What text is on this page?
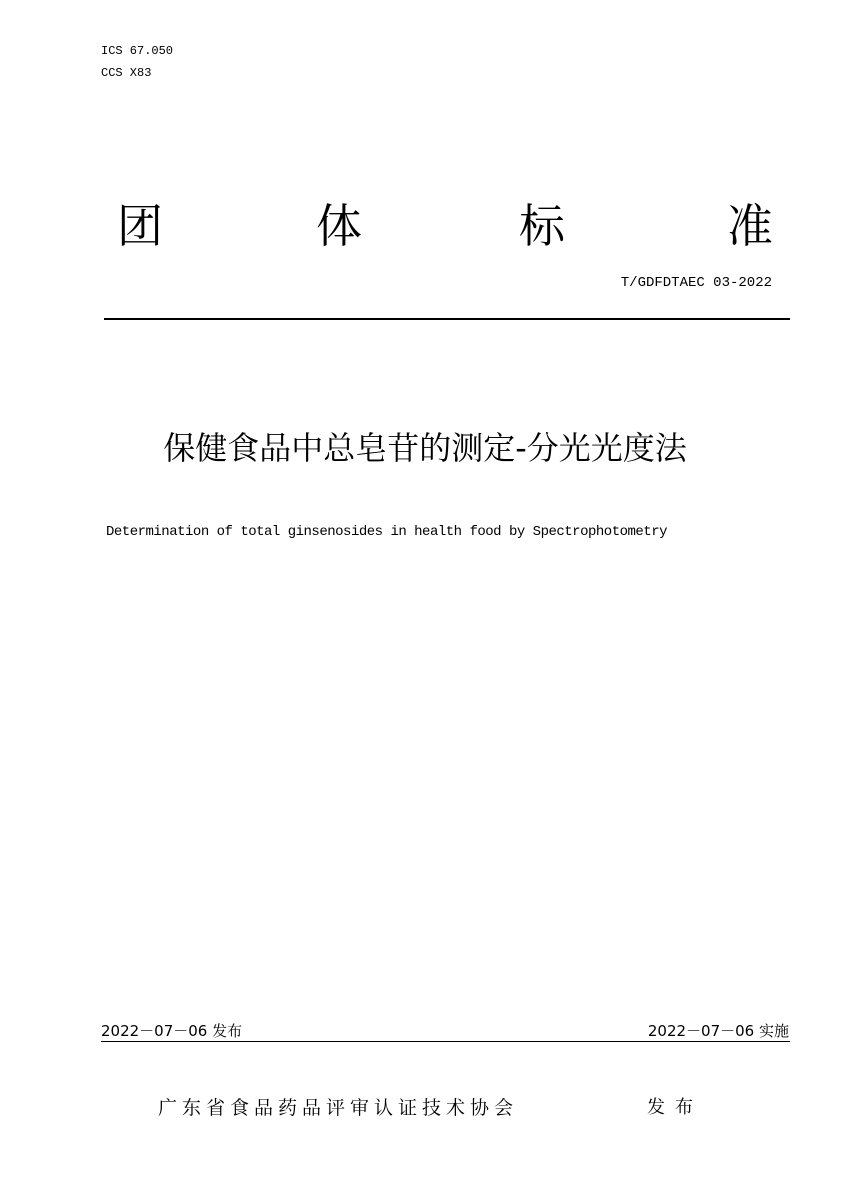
ICS 67.050
CCS X83
团	体	标	准
T/GDFDTAEC 03-2022
保健食品中总皂苷的测定-分光光度法
Determination of total ginsenosides in health food by Spectrophotometry
2022－07－06 发布	2022－07－06 实施
广东省食品药品评审认证技术协会	发布
